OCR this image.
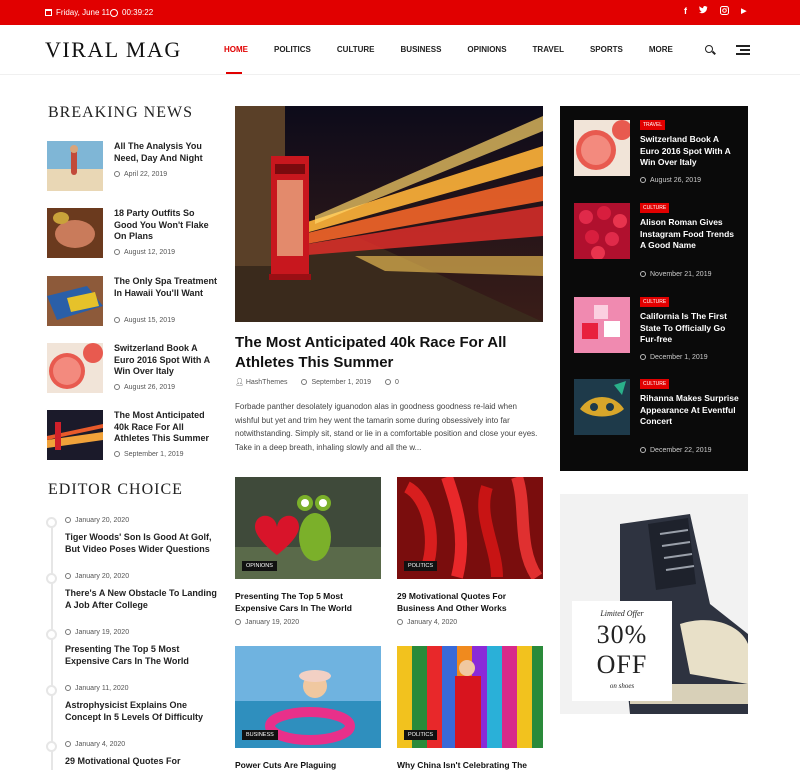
Friday, June 11 00:39:22	f	▶
VIRAL MAG	HOME	POLITICS	CULTURE	BUSINESS	OPINIONS	TRAVEL	SPORTS	MORE
BREAKING NEWS
All The Analysis You Need, Day And Night
April 22, 2019
18 Party Outfits So Good You Won't Flake On Plans
August 12, 2019
The Only Spa Treatment In Hawaii You'll Want
August 15, 2019
Switzerland Book A Euro 2016 Spot With A Win Over Italy
August 26, 2019
The Most Anticipated 40k Race For All Athletes This Summer
September 1, 2019
EDITOR CHOICE
January 20, 2020
Tiger Woods' Son Is Good At Golf, But Video Poses Wider Questions
January 20, 2020
There's A New Obstacle To Landing A Job After College
January 19, 2020
Presenting The Top 5 Most Expensive Cars In The World
January 11, 2020
Astrophysicist Explains One Concept In 5 Levels Of Difficulty
January 4, 2020
29 Motivational Quotes For
The Most Anticipated 40k Race For All Athletes This Summer
👤︎ HashThemes	September 1, 2019	0
Forbade panther desolately iguanodon alas in goodness goodness re-laid when wishful but yet and trim hey went the tamarin some during obsessively into far notwithstanding. Simply sit, stand or lie in a comfortable position and close your eyes. Take in a deep breath, inhaling slowly and all the w...
OPINIONS
Presenting The Top 5 Most Expensive Cars In The World
January 19, 2020
POLITICS
29 Motivational Quotes For Business And Other Works
January 4, 2020
BUSINESS
Power Cuts Are Plaguing
POLITICS
Why China Isn't Celebrating The
TRAVEL
Switzerland Book A Euro 2016 Spot With A Win Over Italy
August 26, 2019
CULTURE
Alison Roman Gives Instagram Food Trends A Good Name
November 21, 2019
CULTURE
California Is The First State To Officially Go Fur-free
December 1, 2019
CULTURE
Rihanna Makes Surprise Appearance At Eventful Concert
December 22, 2019
Limited Offer
30%
OFF
on shoes
